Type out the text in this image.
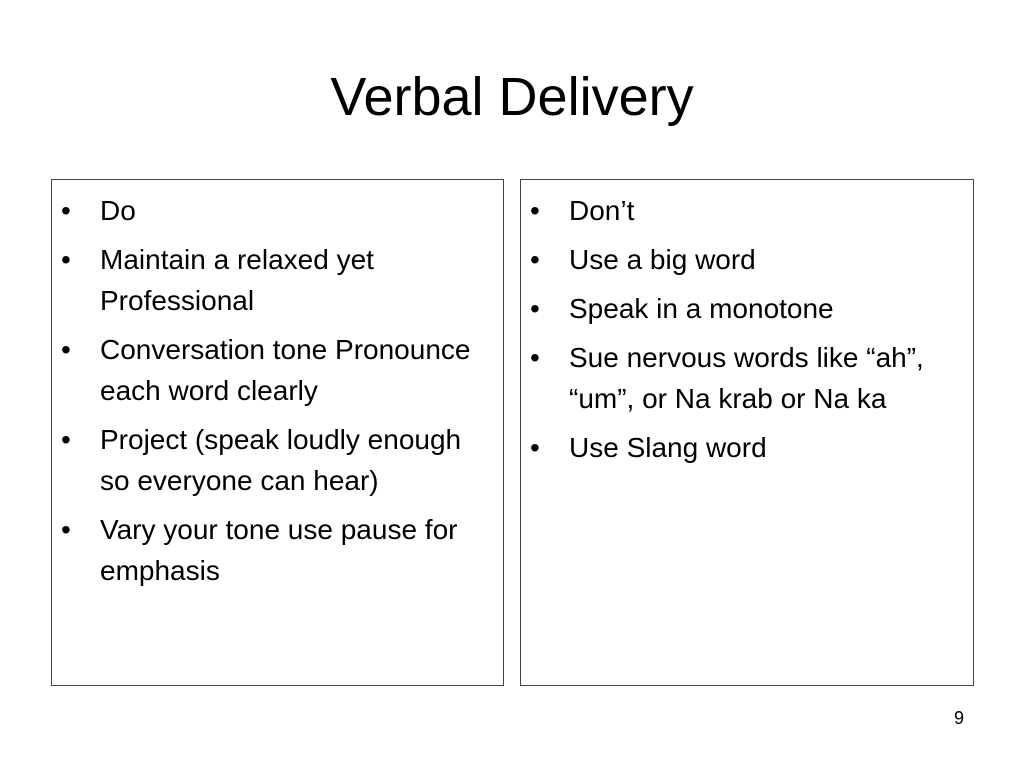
Verbal Delivery
•	Do
•	Maintain a relaxed yet Professional
•	Conversation tone Pronounce each word clearly
•	Project (speak loudly enough so everyone can hear)
•	Vary your tone use pause for emphasis
•	Don’t
•	Use a big word
•	Speak in a monotone
•	Sue nervous words like “ah”, “um”, or Na krab or Na ka
•	Use Slang word
9
